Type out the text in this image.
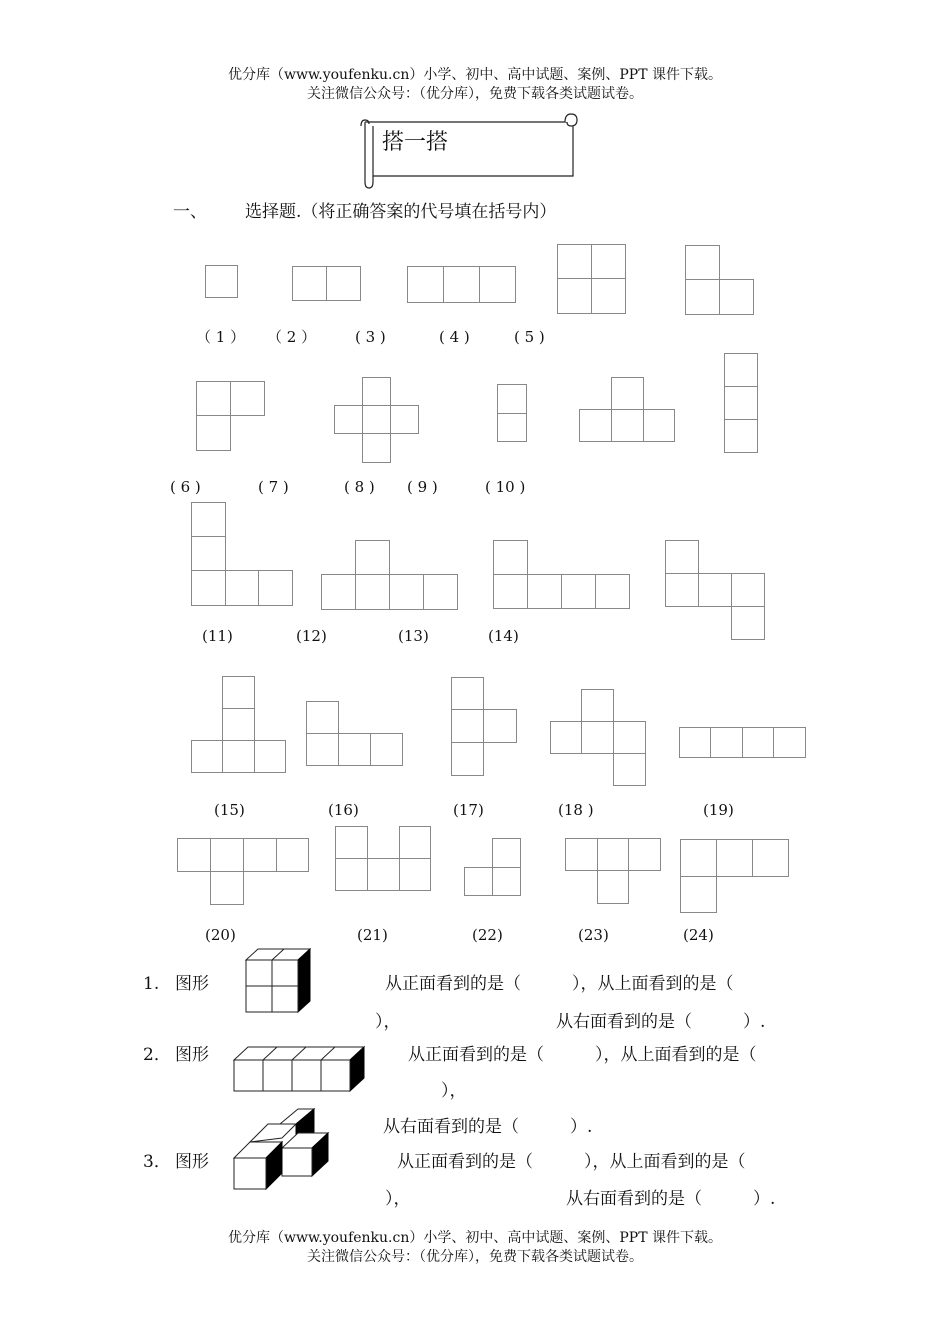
优分库（www.youfenku.cn）小学、初中、高中试题、案例、PPT 课件下载。
关注微信公众号：（优分库），免费下载各类试题试卷。
搭一搭
一、 选择题.（将正确答案的代号填在括号内）
（ 1 ） （ 2 ）	( 3 )	( 4 )	( 5 )
( 6 )	( 7 )	( 8 ) ( 9 )	( 10 )
(11)	(12)	(13)	(14)
(15)	(16)	(17)	(18 )	(19)
(20)	(21)	(22)	(23)	(24)
1. 图形	从正面看到的是（　　　），从上面看到的是（
），	从右面看到的是（　　　）.
2． 图形	从正面看到的是（　　　），从上面看到的是（
），
从右面看到的是（　　　）.
3． 图形	从正面看到的是（　　　），从上面看到的是（
），	从右面看到的是（　　　）.
优分库（www.youfenku.cn）小学、初中、高中试题、案例、PPT 课件下载。
关注微信公众号：（优分库），免费下载各类试题试卷。
